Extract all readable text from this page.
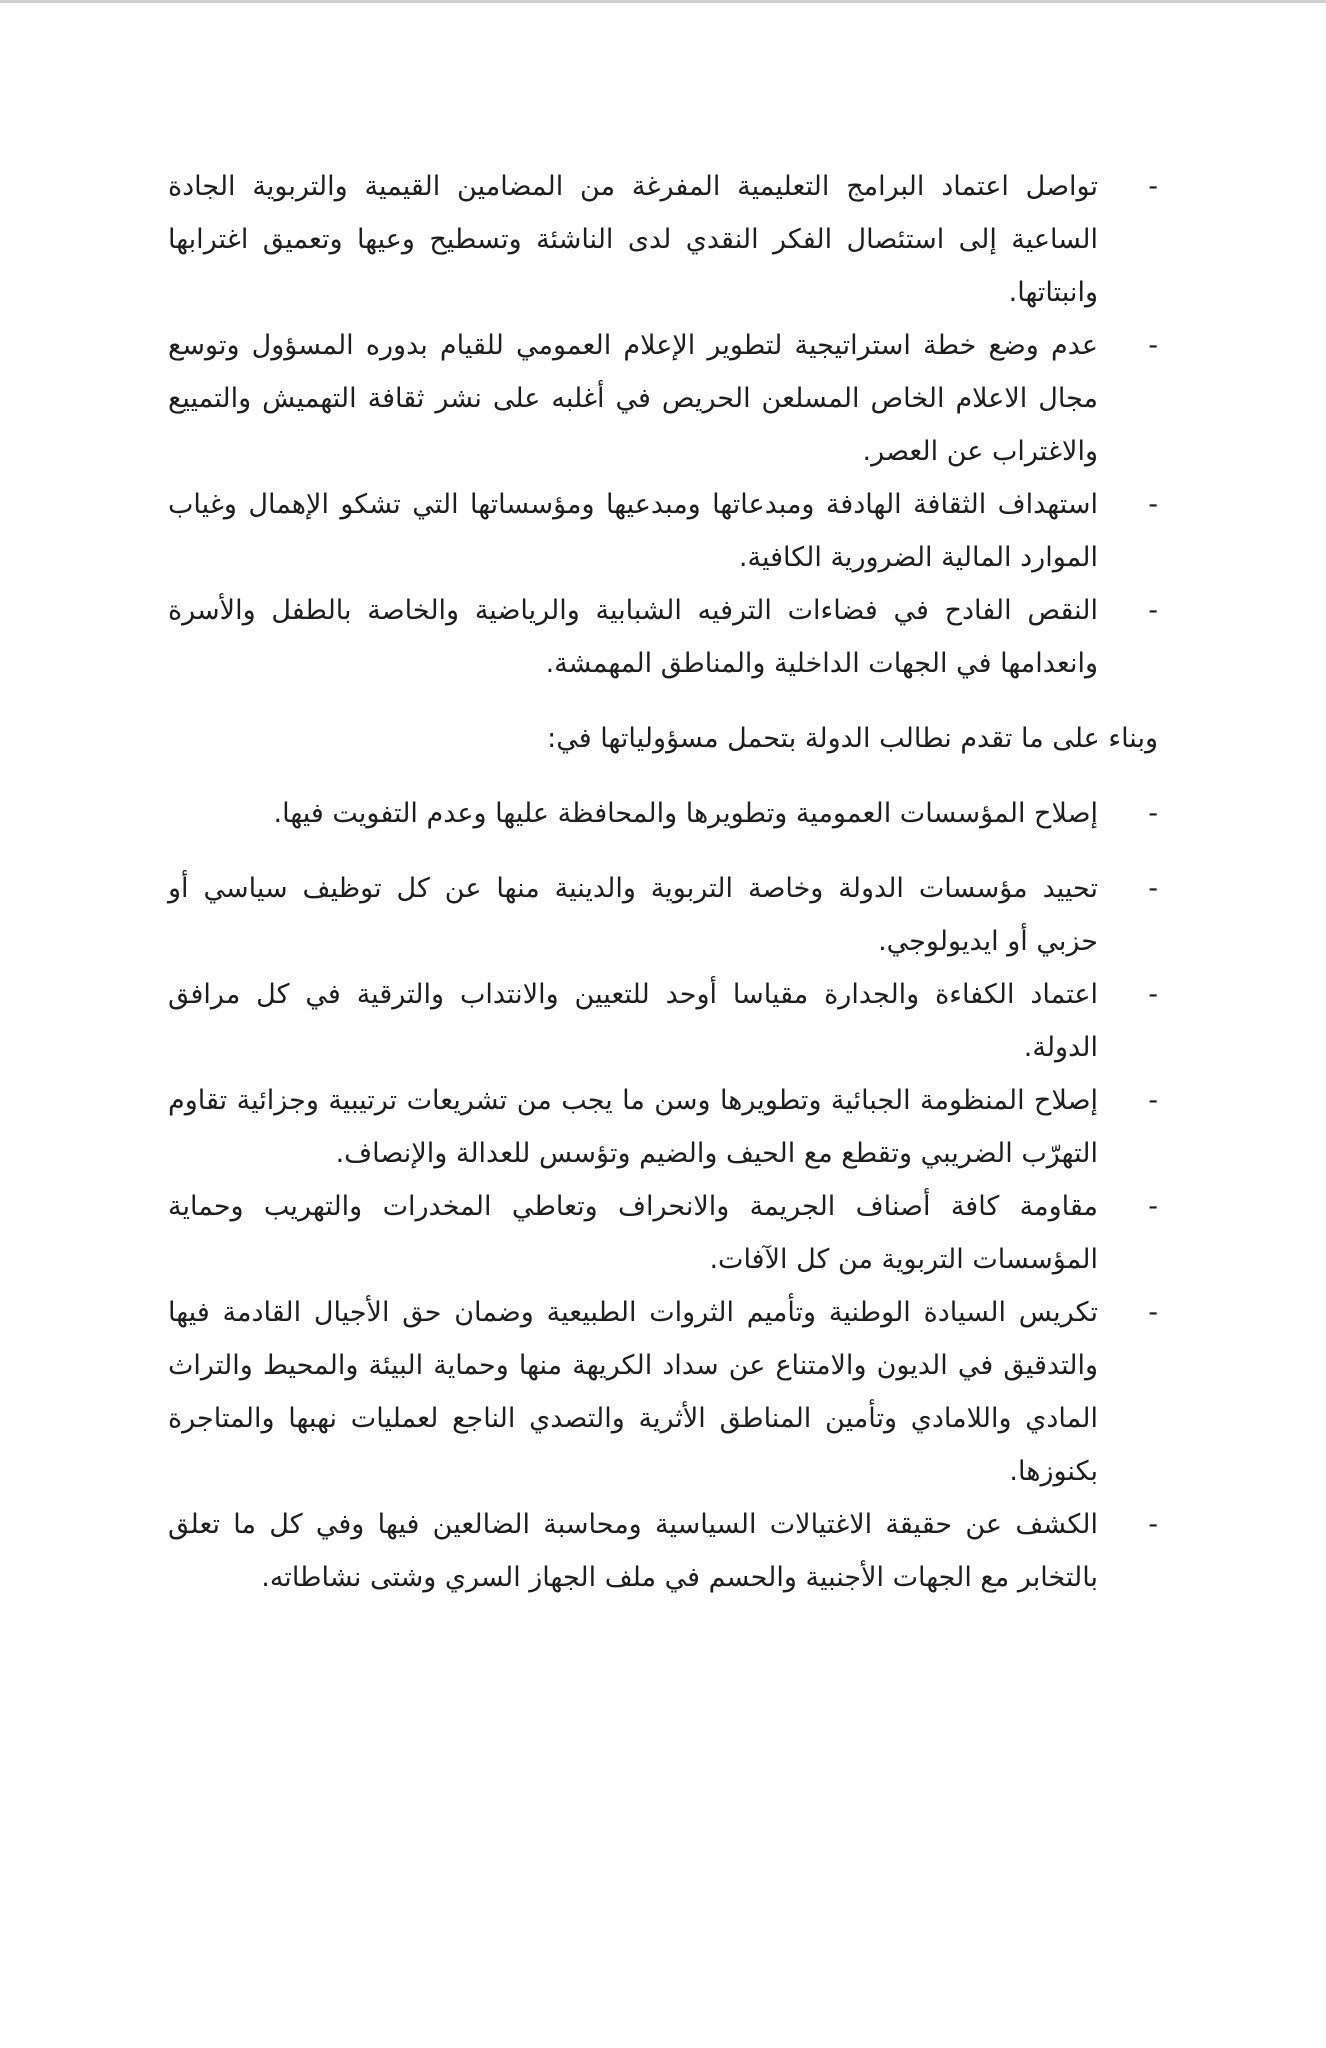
-
تواصل اعتماد البرامج التعليمية المفرغة من المضامين القيمية والتربوية الجادة الساعية إلى استئصال الفكر النقدي لدى الناشئة وتسطيح وعيها وتعميق اغترابها وانبتاتها.
-
عدم وضع خطة استراتيجية لتطوير الإعلام العمومي للقيام بدوره المسؤول وتوسع مجال الاعلام الخاص المسلعن الحريص في أغلبه على نشر ثقافة التهميش والتمييع والاغتراب عن العصر.
-
استهداف الثقافة الهادفة ومبدعاتها ومبدعيها ومؤسساتها التي تشكو الإهمال وغياب الموارد المالية الضرورية الكافية.
-
النقص الفادح في فضاءات الترفيه الشبابية والرياضية والخاصة بالطفل والأسرة وانعدامها في الجهات الداخلية والمناطق المهمشة.

وبناء على ما تقدم نطالب الدولة بتحمل مسؤولياتها في:

-
إصلاح المؤسسات العمومية وتطويرها والمحافظة عليها وعدم التفويت فيها.
-
تحييد مؤسسات الدولة وخاصة التربوية والدينية منها عن كل توظيف سياسي أو حزبي أو ايديولوجي.
-
اعتماد الكفاءة والجدارة مقياسا أوحد للتعيين والانتداب والترقية في كل مرافق الدولة.
-
إصلاح المنظومة الجبائية وتطويرها وسن ما يجب من تشريعات ترتيبية وجزائية تقاوم التهرّب الضريبي وتقطع مع الحيف والضيم وتؤسس للعدالة والإنصاف.
-
مقاومة كافة أصناف الجريمة والانحراف وتعاطي المخدرات والتهريب وحماية المؤسسات التربوية من كل الآفات.
-
تكريس السيادة الوطنية وتأميم الثروات الطبيعية وضمان حق الأجيال القادمة فيها والتدقيق في الديون والامتناع عن سداد الكريهة منها وحماية البيئة والمحيط والتراث المادي واللامادي وتأمين المناطق الأثرية والتصدي الناجع لعمليات نهبها والمتاجرة بكنوزها.
-
الكشف عن حقيقة الاغتيالات السياسية ومحاسبة الضالعين فيها وفي كل ما تعلق بالتخابر مع الجهات الأجنبية والحسم في ملف الجهاز السري وشتى نشاطاته.
